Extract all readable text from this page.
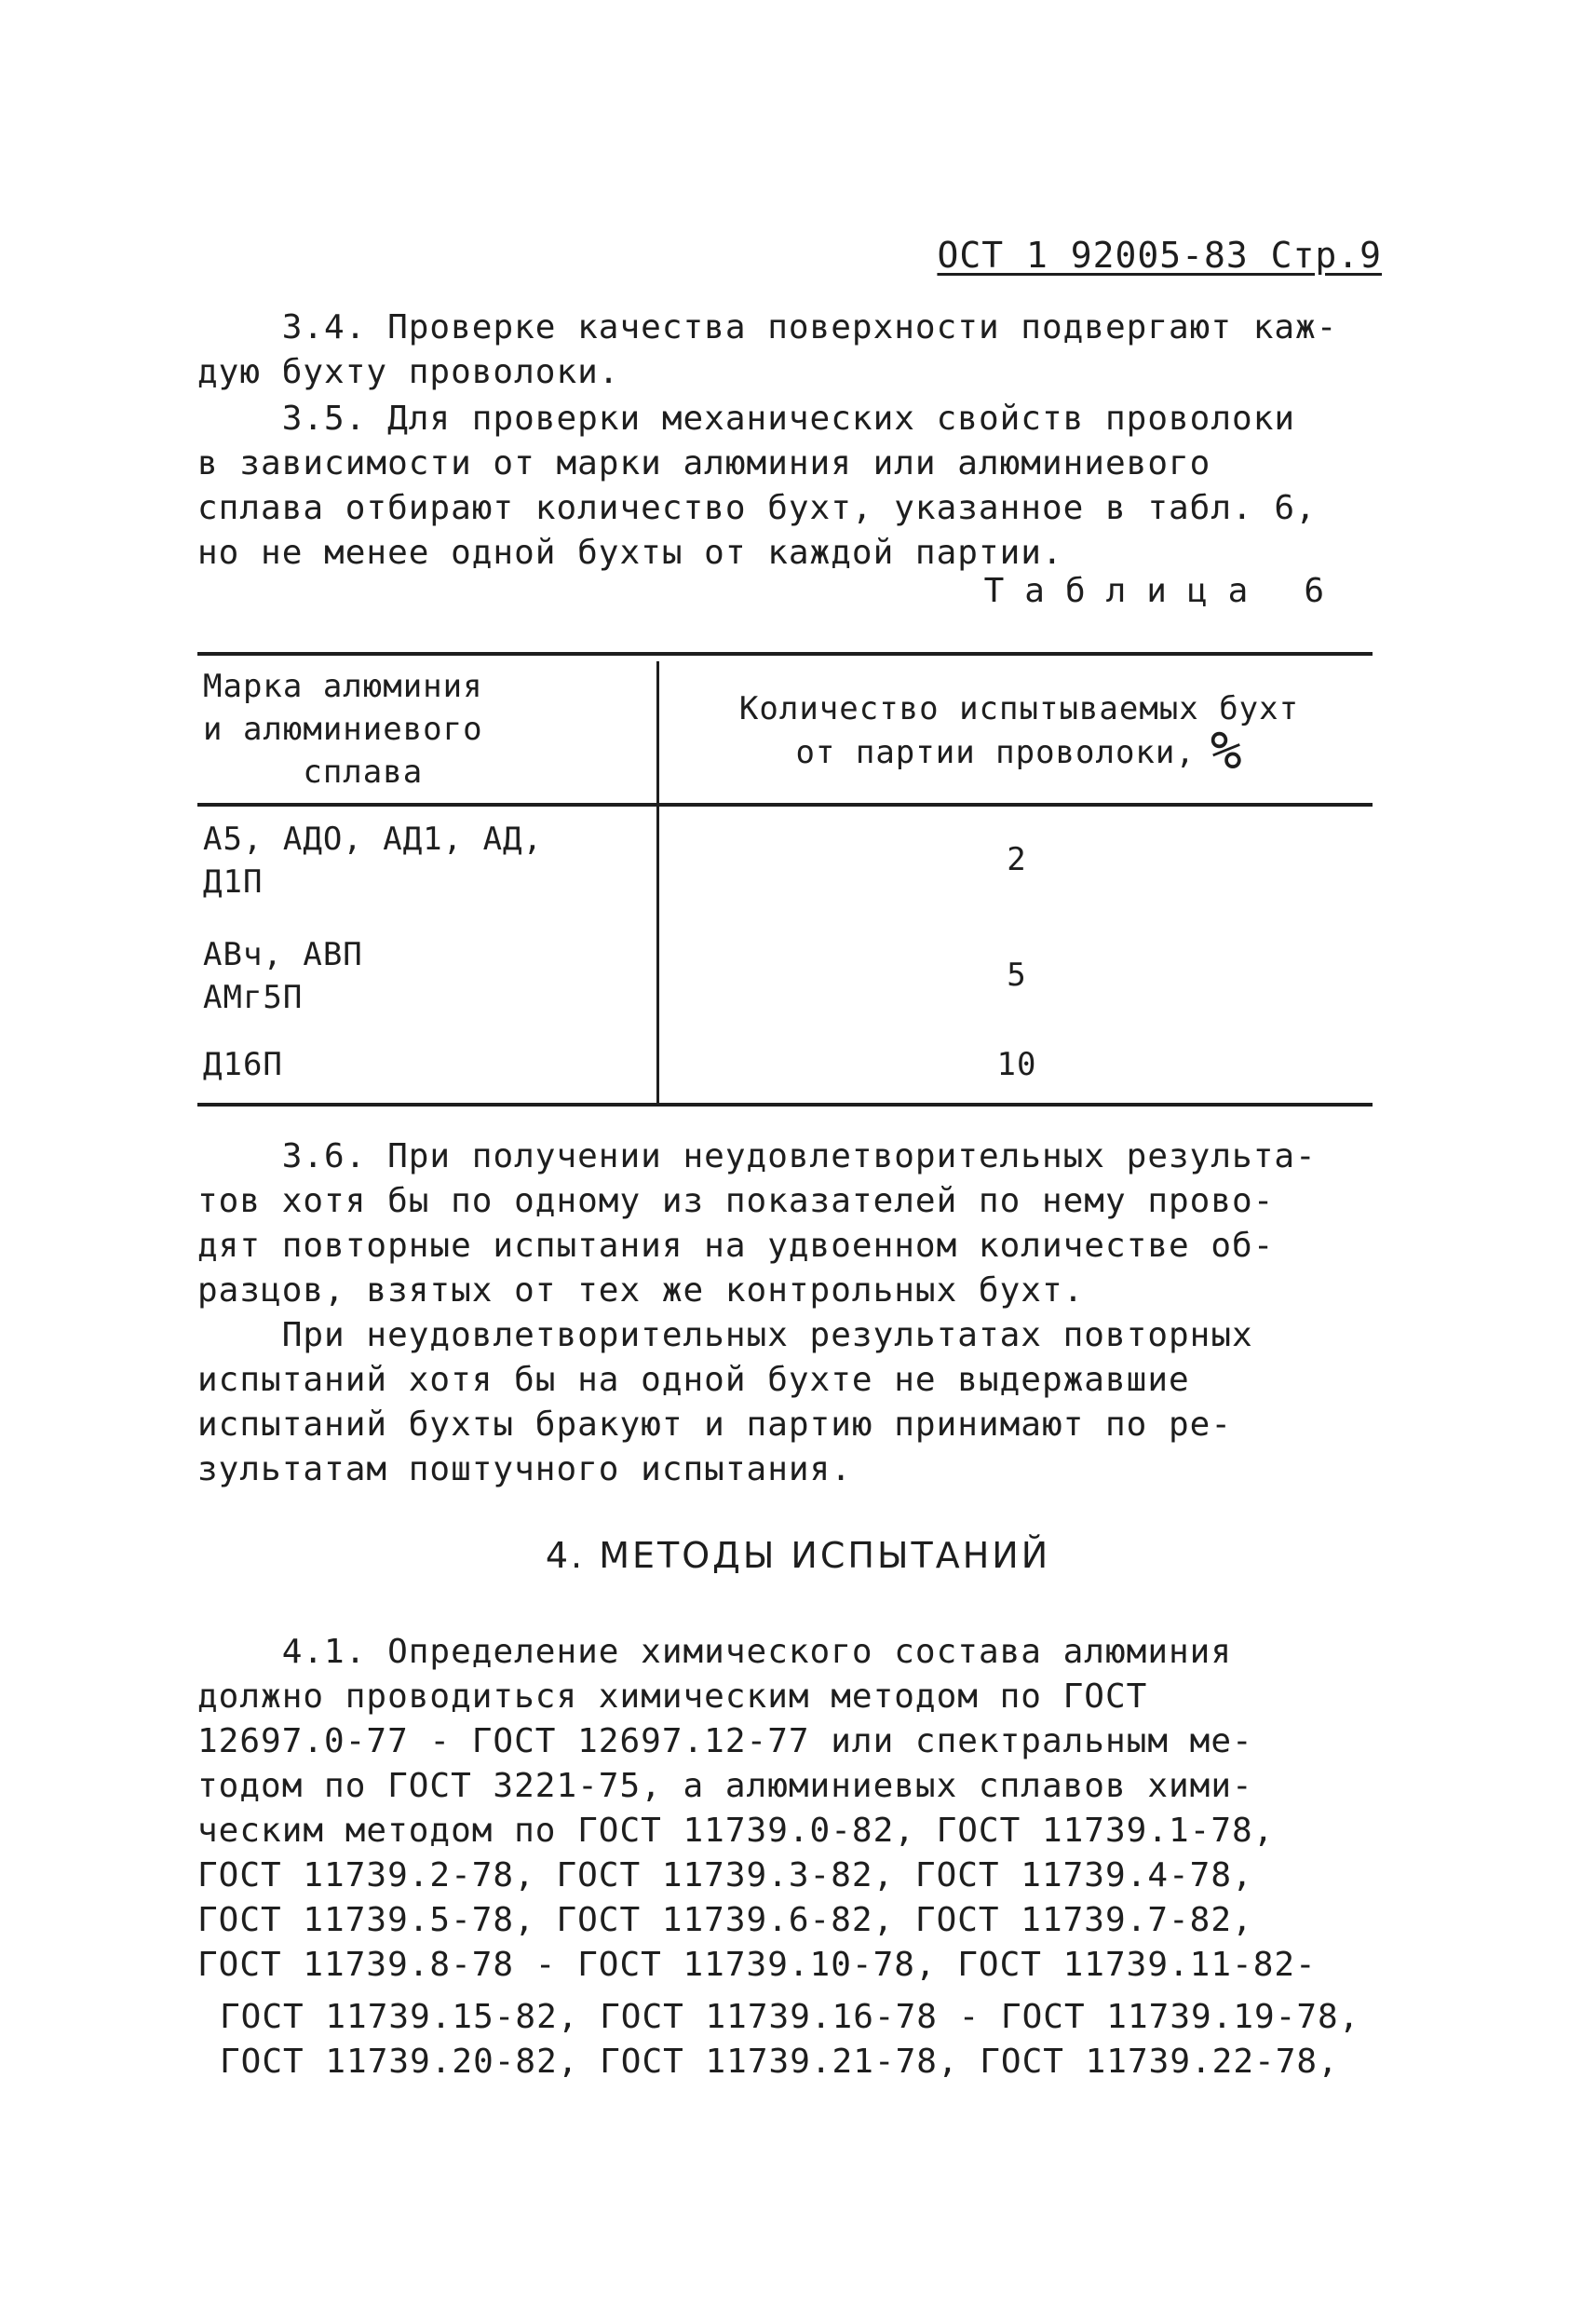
ОСТ 1 92005-83 Стр.9
3.4. Проверке качества поверхности подвергают каж-
дую бухту проволоки.
3.5. Для проверки механических свойств проволоки
в зависимости от марки алюминия или алюминиевого
сплава отбирают количество бухт, указанное в табл. 6,
но не менее одной бухты от каждой партии.
Таблица 6
Марка алюминия
и алюминиевого
сплава
Количество испытываемых бухт
от партии проволоки, %
А5, АДО, АД1, АД,
Д1П
2
АВч, АВП
АМг5П
5
Д16П	10
3.6. При получении неудовлетворительных результа-
тов хотя бы по одному из показателей по нему прово-
дят повторные испытания на удвоенном количестве об-
разцов, взятых от тех же контрольных бухт.
При неудовлетворительных результатах повторных
испытаний хотя бы на одной бухте не выдержавшие
испытаний бухты бракуют и партию принимают по ре-
зультатам поштучного испытания.
4. МЕТОДЫ ИСПЫТАНИЙ
4.1. Определение химического состава алюминия
должно проводиться химическим методом по ГОСТ
12697.0-77 - ГОСТ 12697.12-77 или спектральным ме-
тодом по ГОСТ 3221-75, а алюминиевых сплавов хими-
ческим методом по ГОСТ 11739.0-82, ГОСТ 11739.1-78,
ГОСТ 11739.2-78, ГОСТ 11739.3-82, ГОСТ 11739.4-78,
ГОСТ 11739.5-78, ГОСТ 11739.6-82, ГОСТ 11739.7-82,
ГОСТ 11739.8-78 - ГОСТ 11739.10-78, ГОСТ 11739.11-82-
ГОСТ 11739.15-82, ГОСТ 11739.16-78 - ГОСТ 11739.19-78,
ГОСТ 11739.20-82, ГОСТ 11739.21-78, ГОСТ 11739.22-78,
